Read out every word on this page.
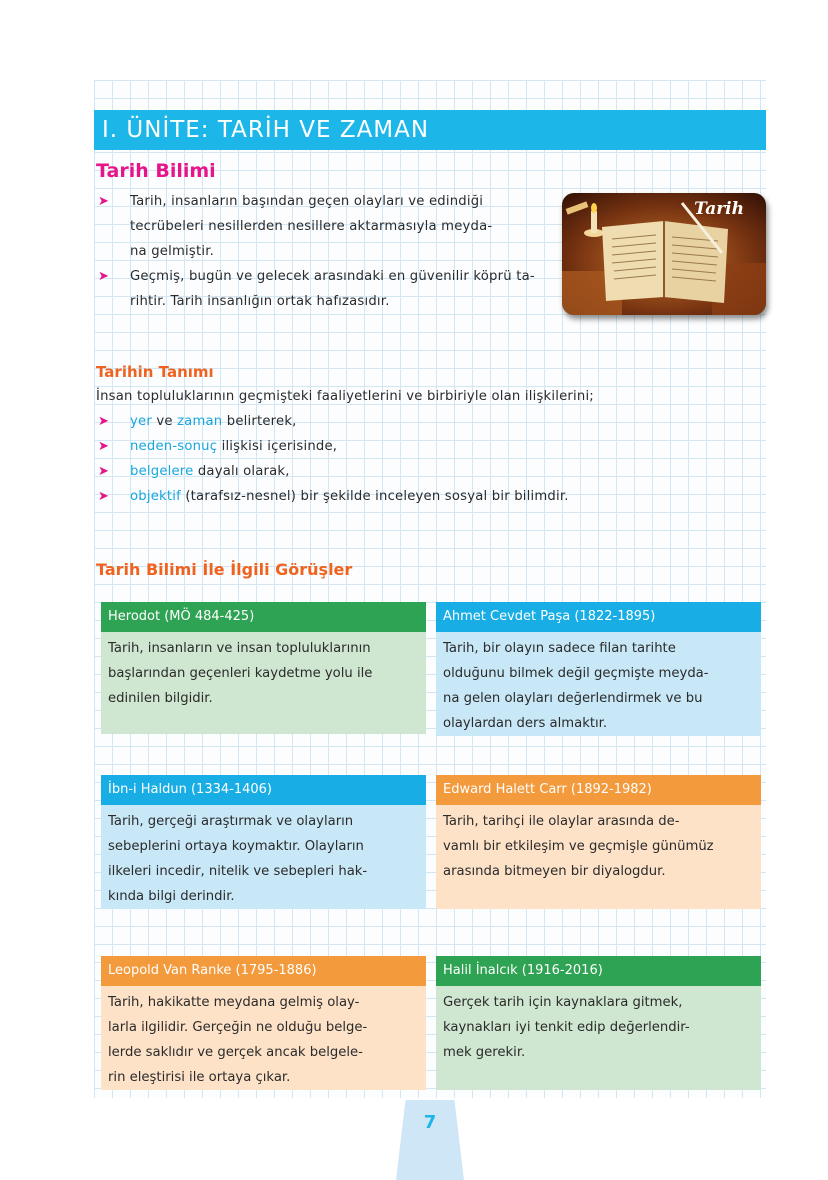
I. ÜNİTE: TARİH VE ZAMAN
Tarih Bilimi
➤ Tarih, insanların başından geçen olayları ve edindiği
tecrübeleri nesillerden nesillere aktarmasıyla meyda-
na gelmiştir.
➤ Geçmiş, bugün ve gelecek arasındaki en güvenilir köprü ta-
rihtir. Tarih insanlığın ortak hafızasıdır.
Tarih
Tarihin Tanımı
İnsan topluluklarının geçmişteki faaliyetlerini ve birbiriyle olan ilişkilerini;
➤ yer ve zaman belirterek,
➤ neden-sonuç ilişkisi içerisinde,
➤ belgelere dayalı olarak,
➤ objektif (tarafsız-nesnel) bir şekilde inceleyen sosyal bir bilimdir.
Tarih Bilimi İle İlgili Görüşler
Herodot (MÖ 484-425)
Tarih, insanların ve insan topluluklarının
başlarından geçenleri kaydetme yolu ile
edinilen bilgidir.
Ahmet Cevdet Paşa (1822-1895)
Tarih, bir olayın sadece filan tarihte
olduğunu bilmek değil geçmişte meyda-
na gelen olayları değerlendirmek ve bu
olaylardan ders almaktır.
İbn-i Haldun (1334-1406)
Tarih, gerçeği araştırmak ve olayların
sebeplerini ortaya koymaktır. Olayların
ilkeleri incedir, nitelik ve sebepleri hak-
kında bilgi derindir.
Edward Halett Carr (1892-1982)
Tarih, tarihçi ile olaylar arasında de-
vamlı bir etkileşim ve geçmişle günümüz
arasında bitmeyen bir diyalogdur.
Leopold Van Ranke (1795-1886)
Tarih, hakikatte meydana gelmiş olay-
larla ilgilidir. Gerçeğin ne olduğu belge-
lerde saklıdır ve gerçek ancak belgele-
rin eleştirisi ile ortaya çıkar.
Halil İnalcık (1916-2016)
Gerçek tarih için kaynaklara gitmek,
kaynakları iyi tenkit edip değerlendir-
mek gerekir.
7
